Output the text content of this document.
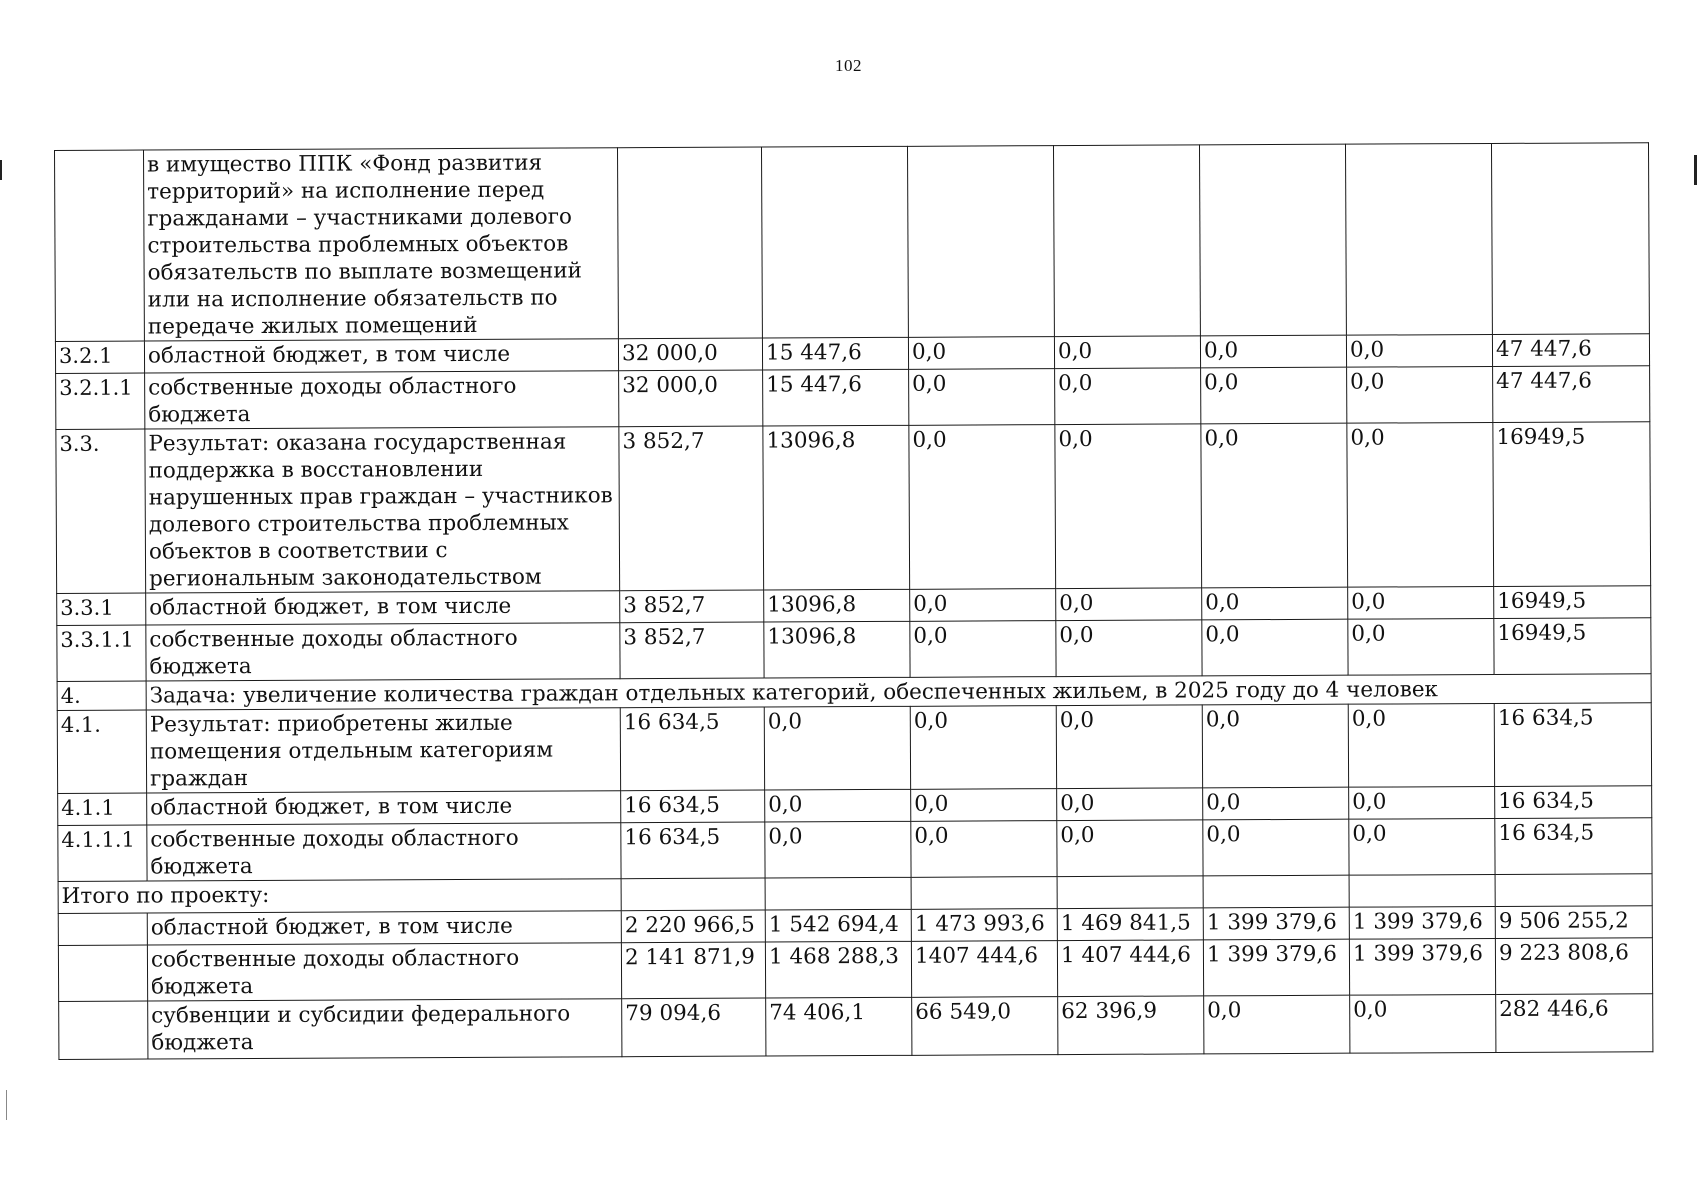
102
	в имущество ППК «Фонд развития территорий» на исполнение перед гражданами – участниками долевого строительства проблемных объектов обязательств по выплате возмещений или на исполнение обязательств по передаче жилых помещений							
3.2.1	областной бюджет, в том числе	32 000,0	15 447,6	0,0	0,0	0,0	0,0	47 447,6
3.2.1.1	собственные доходы областного бюджета	32 000,0	15 447,6	0,0	0,0	0,0	0,0	47 447,6
3.3.	Результат: оказана государственная поддержка в восстановлении нарушенных прав граждан – участников долевого строительства проблемных объектов в соответствии с региональным законодательством	3 852,7	13096,8	0,0	0,0	0,0	0,0	16949,5
3.3.1	областной бюджет, в том числе	3 852,7	13096,8	0,0	0,0	0,0	0,0	16949,5
3.3.1.1	собственные доходы областного бюджета	3 852,7	13096,8	0,0	0,0	0,0	0,0	16949,5
4.	Задача: увеличение количества граждан отдельных категорий, обеспеченных жильем, в 2025 году до 4 человек							
4.1.	Результат: приобретены жилые помещения отдельным категориям граждан	16 634,5	0,0	0,0	0,0	0,0	0,0	16 634,5
4.1.1	областной бюджет, в том числе	16 634,5	0,0	0,0	0,0	0,0	0,0	16 634,5
4.1.1.1	собственные доходы областного бюджета	16 634,5	0,0	0,0	0,0	0,0	0,0	16 634,5
Итого по проекту:								
	областной бюджет, в том числе	2 220 966,5	1 542 694,4	1 473 993,6	1 469 841,5	1 399 379,6	1 399 379,6	9 506 255,2
	собственные доходы областного бюджета	2 141 871,9	1 468 288,3	1407 444,6	1 407 444,6	1 399 379,6	1 399 379,6	9 223 808,6
	субвенции и субсидии федерального бюджета	79 094,6	74 406,1	66 549,0	62 396,9	0,0	0,0	282 446,6
